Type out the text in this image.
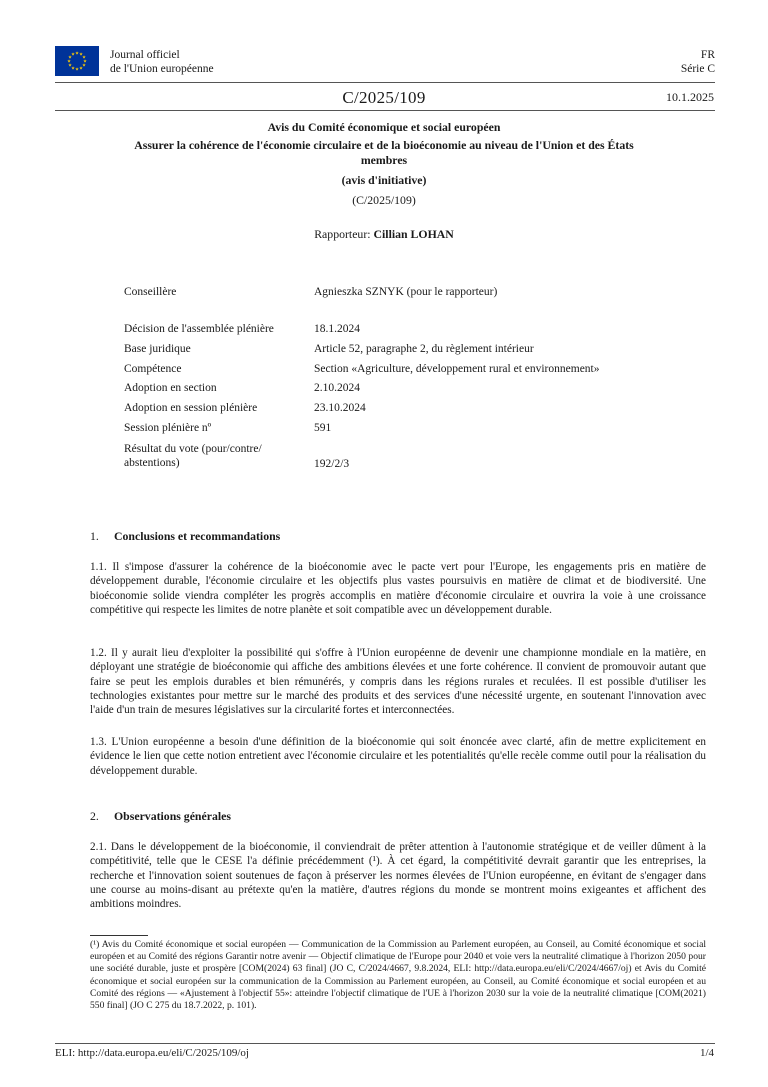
★ ★
★
★
★
★
★
★
★
★
★
★	Journal officiel
de l'Union européenne
FR
Série C
C/2025/109	10.1.2025
Avis du Comité économique et social européen
Assurer la cohérence de l'économie circulaire et de la bioéconomie au niveau de l'Union et des États membres
(avis d'initiative)
(C/2025/109)
Rapporteur: Cillian LOHAN
Conseillère	Agnieszka SZNYK (pour le rapporteur)
Décision de l'assemblée plénière	18.1.2024
Base juridique	Article 52, paragraphe 2, du règlement intérieur
Compétence	Section «Agriculture, développement rural et environnement»
Adoption en section	2.10.2024
Adoption en session plénière	23.10.2024
Session plénière nº	591
Résultat du vote (pour/contre/ abstentions)	192/2/3
1. Conclusions et recommandations
1.1. Il s'impose d'assurer la cohérence de la bioéconomie avec le pacte vert pour l'Europe, les engagements pris en matière de développement durable, l'économie circulaire et les objectifs plus vastes poursuivis en matière de climat et de biodiversité. Une bioéconomie solide viendra compléter les progrès accomplis en matière d'économie circulaire et ouvrira la voie à une croissance compétitive qui respecte les limites de notre planète et soit compatible avec un développement durable.
1.2. Il y aurait lieu d'exploiter la possibilité qui s'offre à l'Union européenne de devenir une championne mondiale en la matière, en déployant une stratégie de bioéconomie qui affiche des ambitions élevées et une forte cohérence. Il convient de promouvoir autant que faire se peut les emplois durables et bien rémunérés, y compris dans les régions rurales et reculées. Il est possible d'utiliser les technologies existantes pour mettre sur le marché des produits et des services d'une nécessité urgente, en soutenant l'innovation avec l'aide d'un train de mesures législatives sur la circularité fortes et interconnectées.
1.3. L'Union européenne a besoin d'une définition de la bioéconomie qui soit énoncée avec clarté, afin de mettre explicitement en évidence le lien que cette notion entretient avec l'économie circulaire et les potentialités qu'elle recèle comme outil pour la réalisation du développement durable.
2. Observations générales
2.1. Dans le développement de la bioéconomie, il conviendrait de prêter attention à l'autonomie stratégique et de veiller dûment à la compétitivité, telle que le CESE l'a définie précédemment (¹). À cet égard, la compétitivité devrait garantir que les entreprises, la recherche et l'innovation soient soutenues de façon à préserver les normes élevées de l'Union européenne, en évitant de s'engager dans une course au moins-disant au prétexte qu'en la matière, d'autres régions du monde se montrent moins exigeantes et affichent des ambitions moindres.
(¹) Avis du Comité économique et social européen — Communication de la Commission au Parlement européen, au Conseil, au Comité économique et social européen et au Comité des régions Garantir notre avenir — Objectif climatique de l'Europe pour 2040 et voie vers la neutralité climatique à l'horizon 2050 pour une société durable, juste et prospère [COM(2024) 63 final] (JO C, C/2024/4667, 9.8.2024, ELI: http://data.europa.eu/eli/C/2024/4667/oj) et Avis du Comité économique et social européen sur la communication de la Commission au Parlement européen, au Conseil, au Comité économique et social européen et au Comité des régions — «Ajustement à l'objectif 55»: atteindre l'objectif climatique de l'UE à l'horizon 2030 sur la voie de la neutralité climatique [COM(2021) 550 final] (JO C 275 du 18.7.2022, p. 101).
ELI: http://data.europa.eu/eli/C/2025/109/oj	1/4
